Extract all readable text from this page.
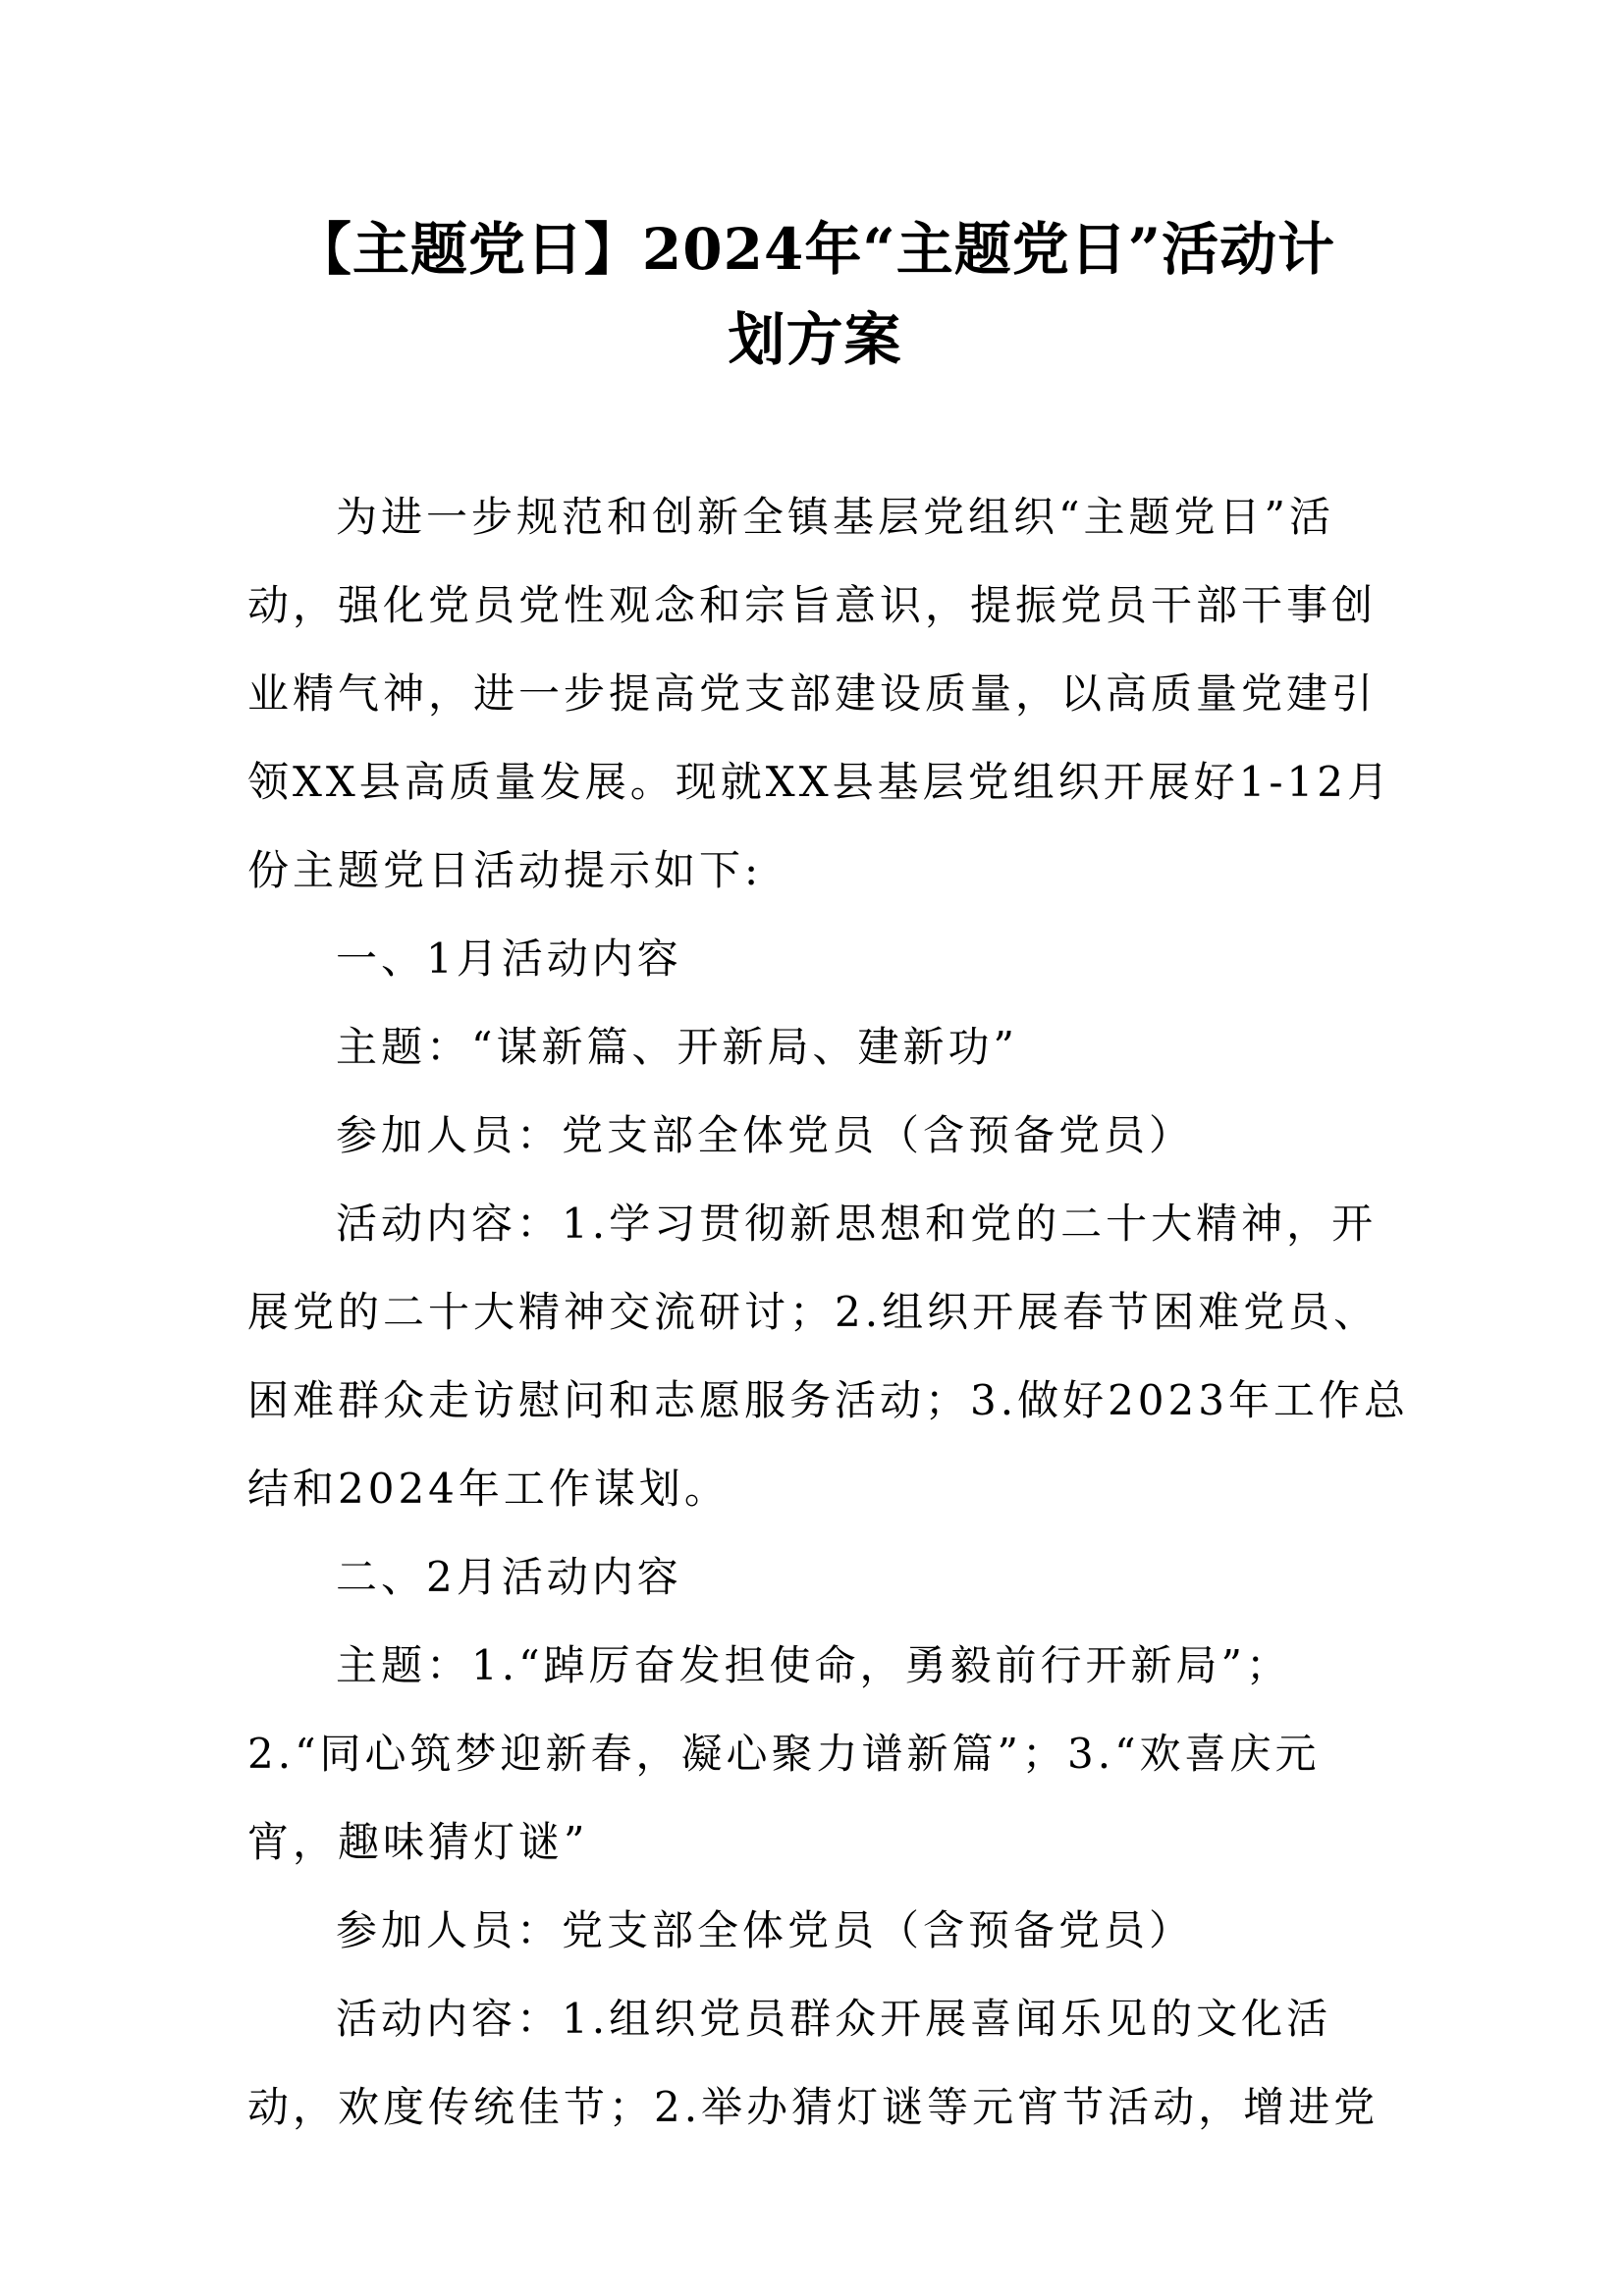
【主题党日】2024年“主题党日”活动计
划方案
为进一步规范和创新全镇基层党组织“主题党日”活
动，强化党员党性观念和宗旨意识，提振党员干部干事创
业精气神，进一步提高党支部建设质量，以高质量党建引
领XX县高质量发展。现就XX县基层党组织开展好1-12月
份主题党日活动提示如下:
一、1月活动内容
主题：“谋新篇、开新局、建新功”
参加人员：党支部全体党员（含预备党员）
活动内容：1.学习贯彻新思想和党的二十大精神，开
展党的二十大精神交流研讨；2.组织开展春节困难党员、
困难群众走访慰问和志愿服务活动；3.做好2023年工作总
结和2024年工作谋划。
二、2月活动内容
主题：1.“踔厉奋发担使命，勇毅前行开新局”；
2.“同心筑梦迎新春，凝心聚力谱新篇”；3.“欢喜庆元
宵，趣味猜灯谜”
参加人员：党支部全体党员（含预备党员）
活动内容：1.组织党员群众开展喜闻乐见的文化活
动，欢度传统佳节；2.举办猜灯谜等元宵节活动，增进党
